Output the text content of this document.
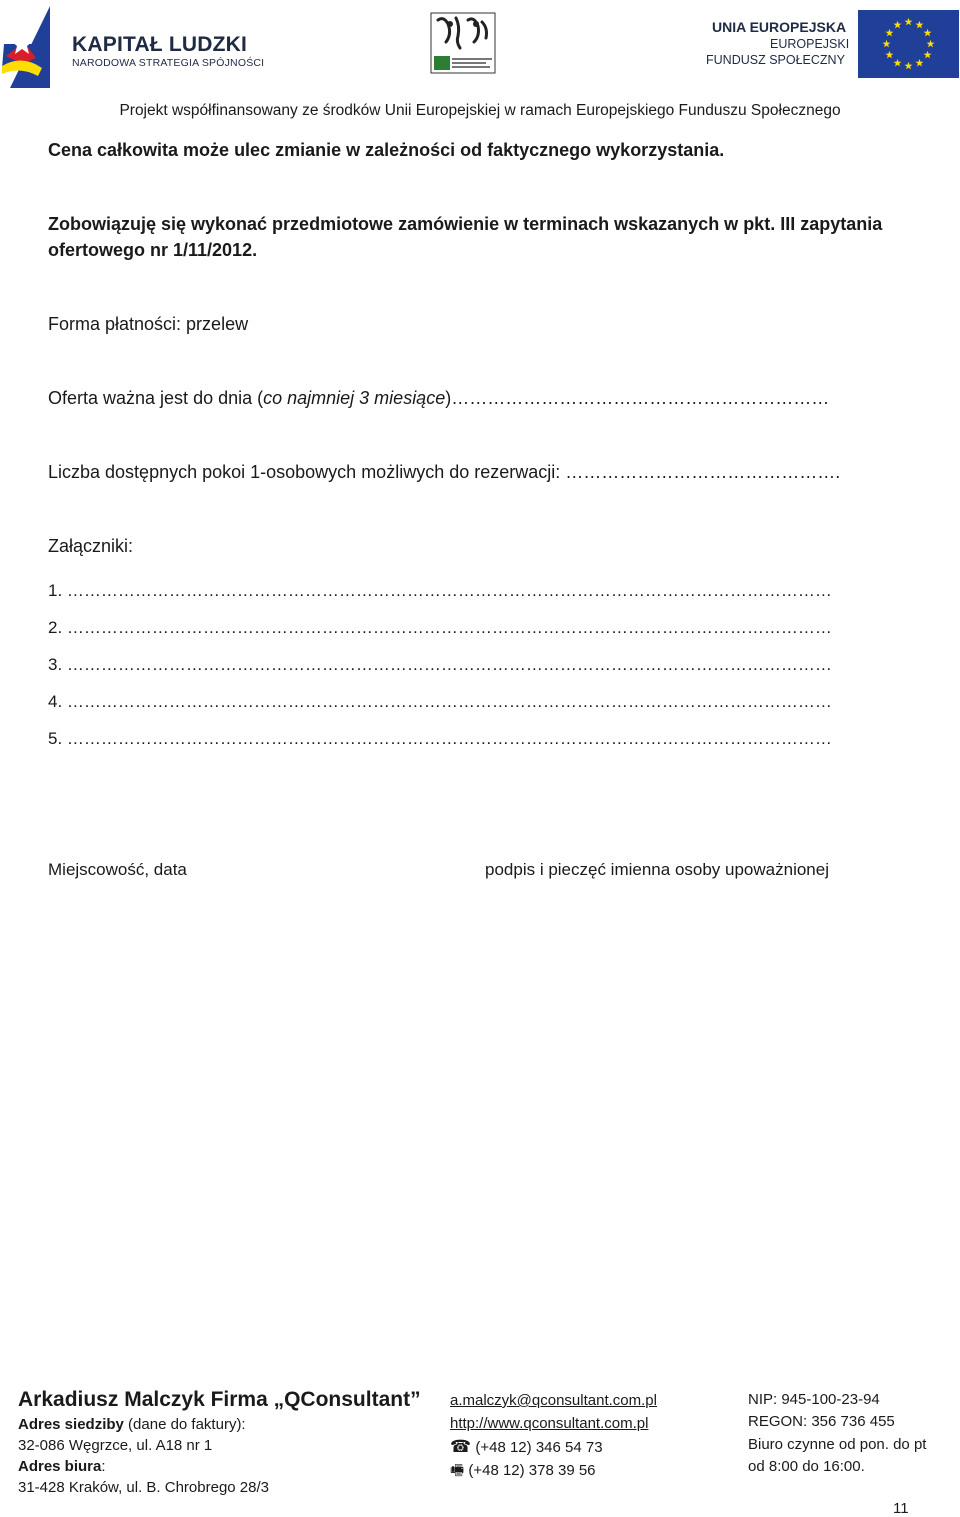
KAPITAŁ LUDZKI
NARODOWA STRATEGIA SPÓJNOŚCI
UNIA EUROPEJSKA
EUROPEJSKI
FUNDUSZ SPOŁECZNY
Projekt współfinansowany ze środków Unii Europejskiej w ramach Europejskiego Funduszu Społecznego
Cena całkowita może ulec zmianie w zależności od faktycznego wykorzystania.
Zobowiązuję się wykonać przedmiotowe zamówienie w terminach wskazanych w pkt. III zapytania
ofertowego nr 1/11/2012.
Forma płatności: przelew
Oferta ważna jest do dnia (co najmniej 3 miesiące)………………………………………………………
Liczba dostępnych pokoi 1-osobowych możliwych do rezerwacji: ……………………………………….
Załączniki:
1. ………………………………………………………………………………………………………………………
2. ………………………………………………………………………………………………………………………
3. ………………………………………………………………………………………………………………………
4. ………………………………………………………………………………………………………………………
5. ………………………………………………………………………………………………………………………
Miejscowość, data	podpis i pieczęć imienna osoby upoważnionej
Arkadiusz Malczyk Firma „QConsultant”
Adres siedziby (dane do faktury):
32-086 Węgrzce, ul. A18 nr 1
Adres biura:
31-428 Kraków, ul. B. Chrobrego 28/3
a.malczyk@qconsultant.com.pl
http://www.qconsultant.com.pl
☎ (+48 12) 346 54 73
🖷 (+48 12) 378 39 56
NIP: 945-100-23-94
REGON: 356 736 455
Biuro czynne od pon. do pt
od 8:00 do 16:00.
11
